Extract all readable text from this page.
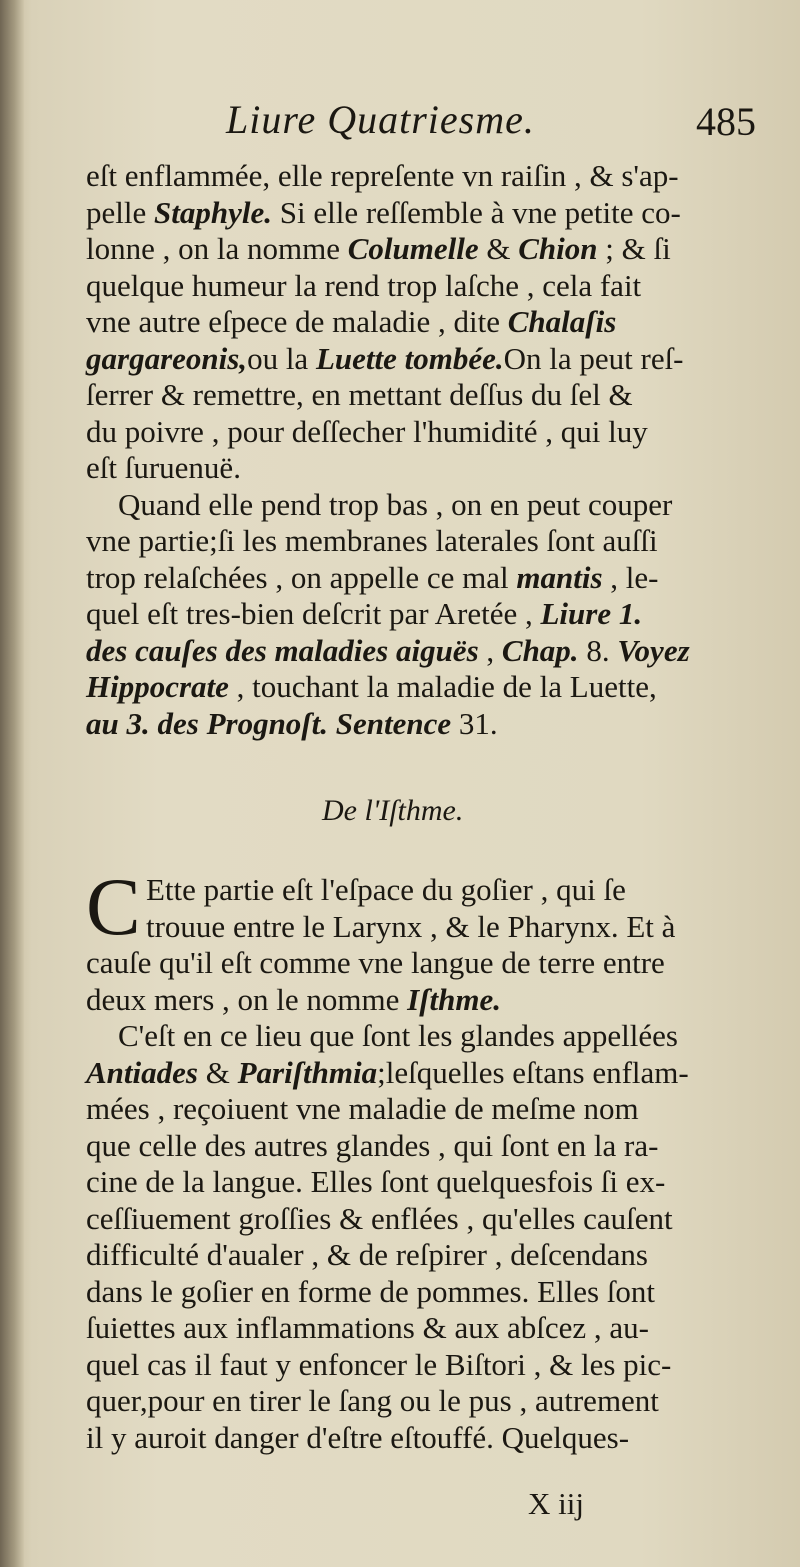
Liure Quatriesme.	485
eſt enflammée, elle repreſente vn raiſin , & s'ap-
pelle Staphyle. Si elle reſſemble à vne petite co-
lonne , on la nomme Columelle & Chion ; & ſi
quelque humeur la rend trop laſche , cela fait
vne autre eſpece de maladie , dite Chalaſis
gargareonis,ou la Luette tombée.On la peut reſ-
ſerrer & remettre, en mettant deſſus du ſel &
du poivre , pour deſſecher l'humidité , qui luy
eſt ſuruenuë.
Quand elle pend trop bas , on en peut couper
vne partie;ſi les membranes laterales ſont auſſi
trop relaſchées , on appelle ce mal mantis , le-
quel eſt tres-bien deſcrit par Aretée , Liure 1.
des cauſes des maladies aiguës , Chap. 8. Voyez
Hippocrate , touchant la maladie de la Luette,
au 3. des Prognoſt. Sentence 31.
De l'Iſthme.
C Ette partie eſt l'eſpace du goſier , qui ſe
trouue entre le Larynx , & le Pharynx. Et à
cauſe qu'il eſt comme vne langue de terre entre
deux mers , on le nomme Iſthme.
C'eſt en ce lieu que ſont les glandes appellées
Antiades & Pariſthmia;leſquelles eſtans enflam-
mées , reçoiuent vne maladie de meſme nom
que celle des autres glandes , qui ſont en la ra-
cine de la langue. Elles ſont quelquesfois ſi ex-
ceſſiuement groſſies & enflées , qu'elles cauſent
difficulté d'aualer , & de reſpirer , deſcendans
dans le goſier en forme de pommes. Elles ſont
ſuiettes aux inflammations & aux abſcez , au-
quel cas il faut y enfoncer le Biſtori , & les pic-
quer,pour en tirer le ſang ou le pus , autrement
il y auroit danger d'eſtre eſtouffé. Quelques-
X iij
